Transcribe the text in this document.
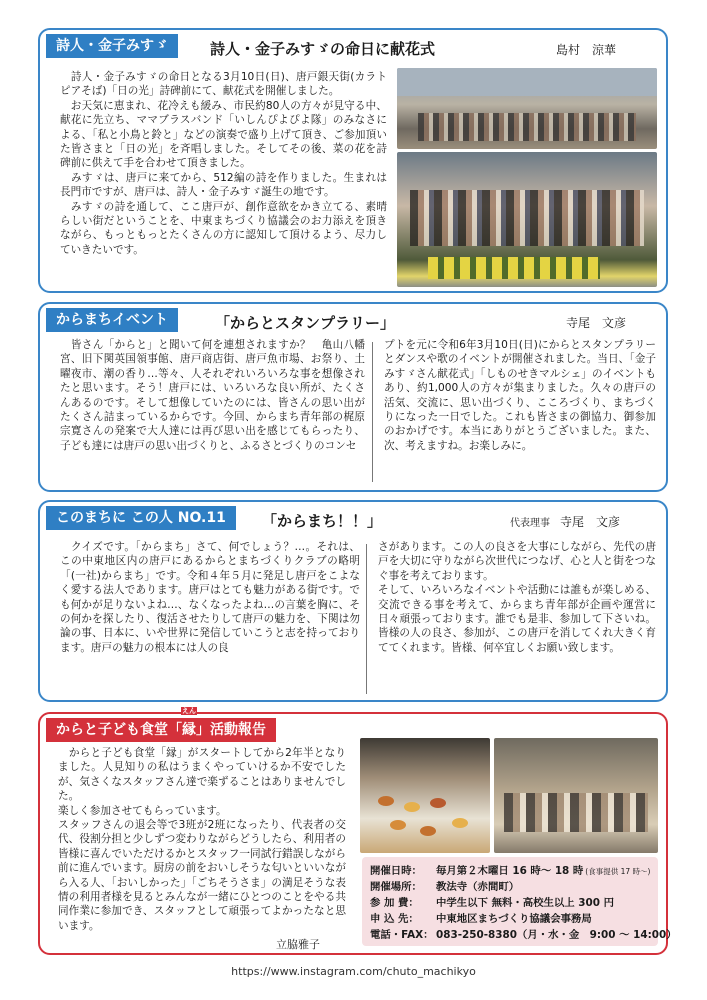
詩人・金子みすゞ	詩人・金子みすゞの命日に献花式	島村　涼華
　詩人・金子みすゞの命日となる3月10日(日)、唐戸銀天街(カラトピアそば)「日の光」詩碑前にて、献花式を開催しました。
　お天気に恵まれ、花冷えも緩み、市民約80人の方々が見守る中、献花に先立ち、ママブラスバンド「いしんぴよぴよ隊」のみなさによる、「私と小鳥と鈴と」などの演奏で盛り上げて頂き、ご参加頂いた皆さまと「日の光」を斉唱しました。そしてその後、菜の花を詩碑前に供えて手を合わせて頂きました。
　みすゞは、唐戸に来てから、512編の詩を作りました。生まれは長門市ですが、唐戸は、詩人・金子みすゞ誕生の地です。
　みすゞの詩を通して、ここ唐戸が、創作意欲をかき立てる、素晴らしい街だということを、中東まちづくり協議会のお力添えを頂きながら、もっともっとたくさんの方に認知して頂けるよう、尽力していきたいです。
からまちイベント	「からとスタンプラリー」	寺尾　文彦
　皆さん「からと」と聞いて何を連想されますか？　亀山八幡宮、旧下関英国領事館、唐戸商店街、唐戸魚市場、お祭り、土曜夜市、潮の香り…等々、人それぞれいろいろな事を想像されたと思います。そう！唐戸には、いろいろな良い所が、たくさんあるのです。そして想像していたのには、皆さんの思い出がたくさん詰まっているからです。今回、からまち青年部の梶原宗寛さんの発案で大人達には再び思い出を感じてもらったり、子ども達には唐戸の思い出づくりと、ふるさとづくりのコンセ
プトを元に令和6年3月10日(日)にからとスタンプラリーとダンスや歌のイベントが開催されました。当日、「金子みすゞさん献花式」「しものせきマルシェ」のイベントもあり、約1,000人の方々が集まりました。久々の唐戸の活気、交流に、思い出づくり、こころづくり、まちづくりになった一日でした。これも皆さまの御協力、御参加のおかげです。本当にありがとうございました。また、次、考えますね。お楽しみに。
このまちに この人 NO.11	「からまち！！」	代表理事 寺尾　文彦
　クイズです。「からまち」さて、何でしょう？…。それは、この中東地区内の唐戸にあるからとまちづくりクラブの略明「(一社)からまち」です。令和４年５月に発足し唐戸をこよなく愛する法人であります。唐戸はとても魅力がある街です。でも何かが足りないよね…、なくなったよね…の言葉を胸に、その何かを探したり、復活させたりして唐戸の魅力を、下関は勿論の事、日本に、いや世界に発信していこうと志を持っております。唐戸の魅力の根本には人の良
さがあります。この人の良さを大事にしながら、先代の唐戸を大切に守りながら次世代につなげ、心と人と街をつなぐ事を考えております。
そして、いろいろなイベントや活動には誰もが楽しめる、交流できる事を考えて、からまち青年部が企画や運営に日々頑張っております。誰でも是非、参加して下さいね。皆様の人の良さ、参加が、この唐戸を消してくれ大きく育ててくれます。皆様、何卒宜しくお願い致します。
からと子ども食堂「
えん
縁」活動報告
　からと子ども食堂「縁」がスタートしてから2年半となりました。人見知りの私はうまくやっていけるか不安でしたが、気さくなスタッフさん達で楽ずることはありませんでした。
楽しく参加させてもらっています。
スタッフさんの退会等で3班が2班になったり、代表者の交代、役割分担と少しずつ変わりながらどうしたら、利用者の皆様に喜んでいただけるかとスタッフ一同試行錯誤しながら前に進んでいます。厨房の前をおいしそうな匂いといいながら入る人、「おいしかった」「ごちそうさま」の満足そうな表情の利用者様を見るとみんなが一緒にひとつのことをやる共同作業に参加でき、スタッフとして頑張ってよかったなと思います。
立脇雅子
開催日時： 毎月第２木曜日 16 時〜 18 時 (食事提供 17 時〜)
開催場所： 教法寺（赤間町）
参 加 費： 中学生以下 無料・高校生以上 300 円
申 込 先： 中東地区まちづくり協議会事務局
電話・FAX： 083-250-8380（月・水・金　9:00 〜 14:00）
https://www.instagram.com/chuto_machikyo
